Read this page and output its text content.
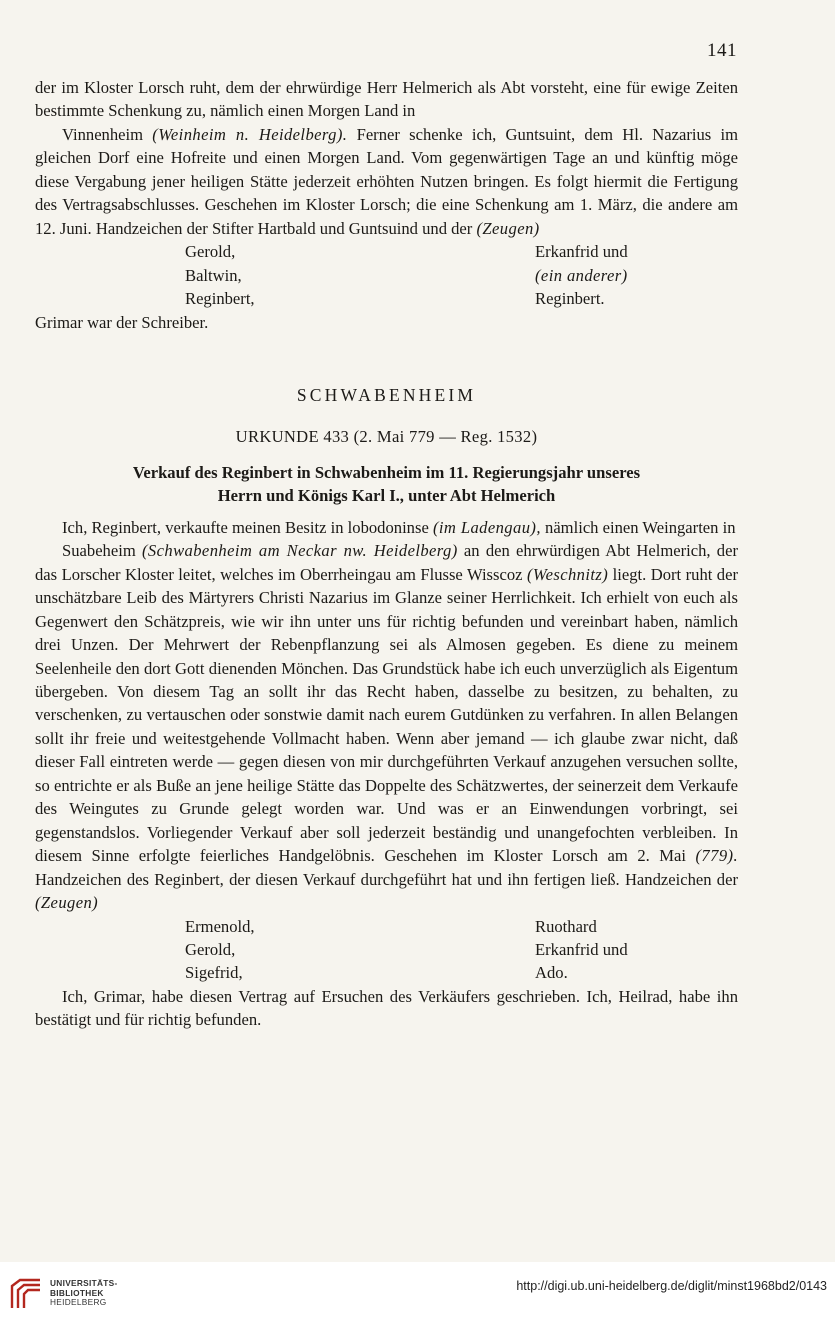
141

der im Kloster Lorsch ruht, dem der ehrwürdige Herr Helmerich als Abt vorsteht, eine für ewige Zeiten bestimmte Schenkung zu, nämlich einen Morgen Land in

Vinnenheim (Weinheim n. Heidelberg). Ferner schenke ich, Guntsuint, dem Hl. Nazarius im gleichen Dorf eine Hofreite und einen Morgen Land. Vom gegenwärtigen Tage an und künftig möge diese Vergabung jener heiligen Stätte jederzeit erhöhten Nutzen bringen. Es folgt hiermit die Fertigung des Vertragsabschlusses. Geschehen im Kloster Lorsch; die eine Schenkung am 1. März, die andere am 12. Juni. Handzeichen der Stifter Hartbald und Guntsuind und der (Zeugen)

Gerold,	Erkanfrid und
Baltwin,	(ein anderer)
Reginbert,	Reginbert.

Grimar war der Schreiber.

SCHWABENHEIM
URKUNDE 433 (2. Mai 779 — Reg. 1532)
Verkauf des Reginbert in Schwabenheim im 11. Regierungsjahr unseres
Herrn und Königs Karl I., unter Abt Helmerich

Ich, Reginbert, verkaufte meinen Besitz in lobodoninse (im Ladengau), nämlich einen Weingarten in

Suabeheim (Schwabenheim am Neckar nw. Heidelberg) an den ehrwürdigen Abt Helmerich, der das Lorscher Kloster leitet, welches im Oberrheingau am Flusse Wisscoz (Weschnitz) liegt. Dort ruht der unschätzbare Leib des Märtyrers Christi Nazarius im Glanze seiner Herrlichkeit. Ich erhielt von euch als Gegenwert den Schätzpreis, wie wir ihn unter uns für richtig befunden und vereinbart haben, nämlich drei Unzen. Der Mehrwert der Rebenpflanzung sei als Almosen gegeben. Es diene zu meinem Seelenheile den dort Gott dienenden Mönchen. Das Grundstück habe ich euch unverzüglich als Eigentum übergeben. Von diesem Tag an sollt ihr das Recht haben, dasselbe zu besitzen, zu behalten, zu verschenken, zu vertauschen oder sonstwie damit nach eurem Gutdünken zu verfahren. In allen Belangen sollt ihr freie und weitestgehende Vollmacht haben. Wenn aber jemand — ich glaube zwar nicht, daß dieser Fall eintreten werde — gegen diesen von mir durchgeführten Verkauf anzugehen versuchen sollte, so entrichte er als Buße an jene heilige Stätte das Doppelte des Schätzwertes, der seinerzeit dem Verkaufe des Weingutes zu Grunde gelegt worden war. Und was er an Einwendungen vorbringt, sei gegenstandslos. Vorliegender Verkauf aber soll jederzeit beständig und unangefochten verbleiben. In diesem Sinne erfolgte feierliches Handgelöbnis. Geschehen im Kloster Lorsch am 2. Mai (779). Handzeichen des Reginbert, der diesen Verkauf durchgeführt hat und ihn fertigen ließ. Handzeichen der (Zeugen)

Ermenold,	Ruothard
Gerold,	Erkanfrid und
Sigefrid,	Ado.

Ich, Grimar, habe diesen Vertrag auf Ersuchen des Verkäufers geschrieben. Ich, Heilrad, habe ihn bestätigt und für richtig befunden.

UNIVERSITÄTS-
BIBLIOTHEK
HEIDELBERG
http://digi.ub.uni-heidelberg.de/diglit/minst1968bd2/0143
